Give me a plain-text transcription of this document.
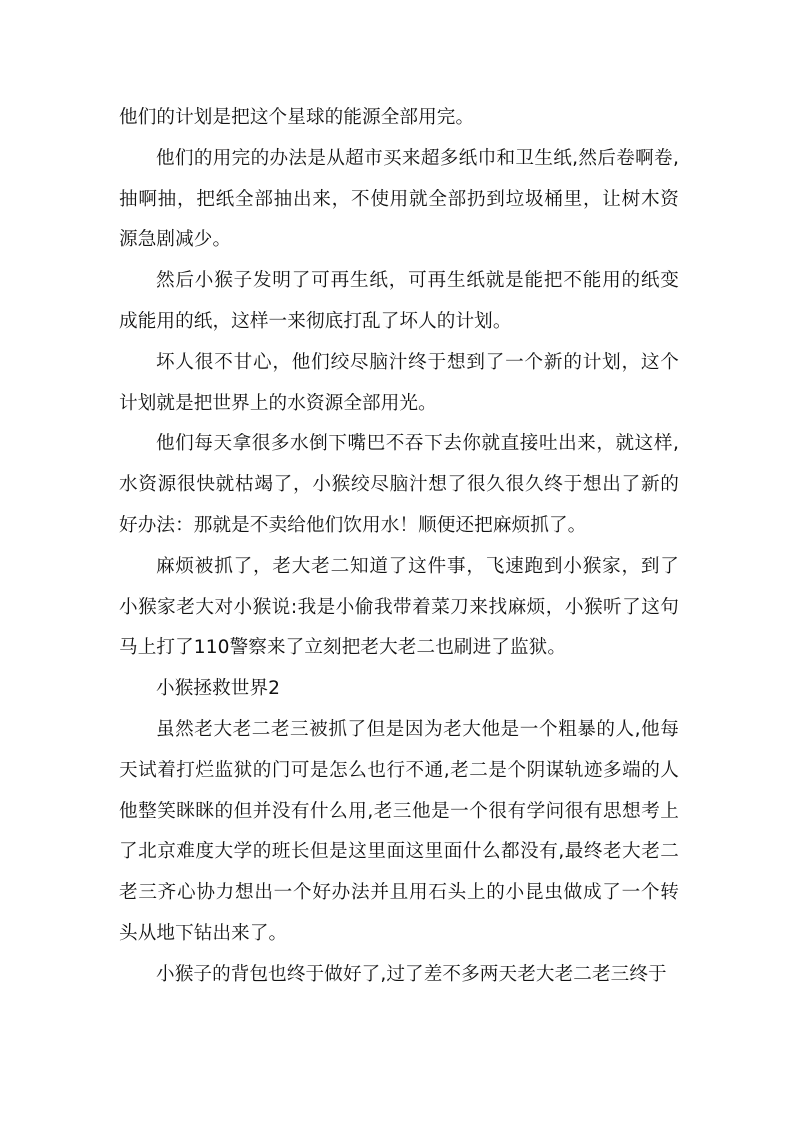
他们的计划是把这个星球的能源全部用完。

他们的用完的办法是从超市买来超多纸巾和卫生纸,然后卷啊卷,抽啊抽，把纸全部抽出来，不使用就全部扔到垃圾桶里，让树木资源急剧减少。

然后小猴子发明了可再生纸，可再生纸就是能把不能用的纸变成能用的纸，这样一来彻底打乱了坏人的计划。

坏人很不甘心，他们绞尽脑汁终于想到了一个新的计划，这个计划就是把世界上的水资源全部用光。

他们每天拿很多水倒下嘴巴不吞下去你就直接吐出来，就这样,水资源很快就枯竭了，小猴绞尽脑汁想了很久很久终于想出了新的好办法：那就是不卖给他们饮用水！顺便还把麻烦抓了。

麻烦被抓了，老大老二知道了这件事，飞速跑到小猴家，到了小猴家老大对小猴说:我是小偷我带着菜刀来找麻烦，小猴听了这句马上打了110警察来了立刻把老大老二也刷进了监狱。

小猴拯救世界2

虽然老大老二老三被抓了但是因为老大他是一个粗暴的人,他每天试着打烂监狱的门可是怎么也行不通,老二是个阴谋轨迹多端的人他整笑眯眯的但并没有什么用,老三他是一个很有学问很有思想考上了北京难度大学的班长但是这里面这里面什么都没有,最终老大老二老三齐心协力想出一个好办法并且用石头上的小昆虫做成了一个转头从地下钻出来了。

小猴子的背包也终于做好了,过了差不多两天老大老二老三终于
